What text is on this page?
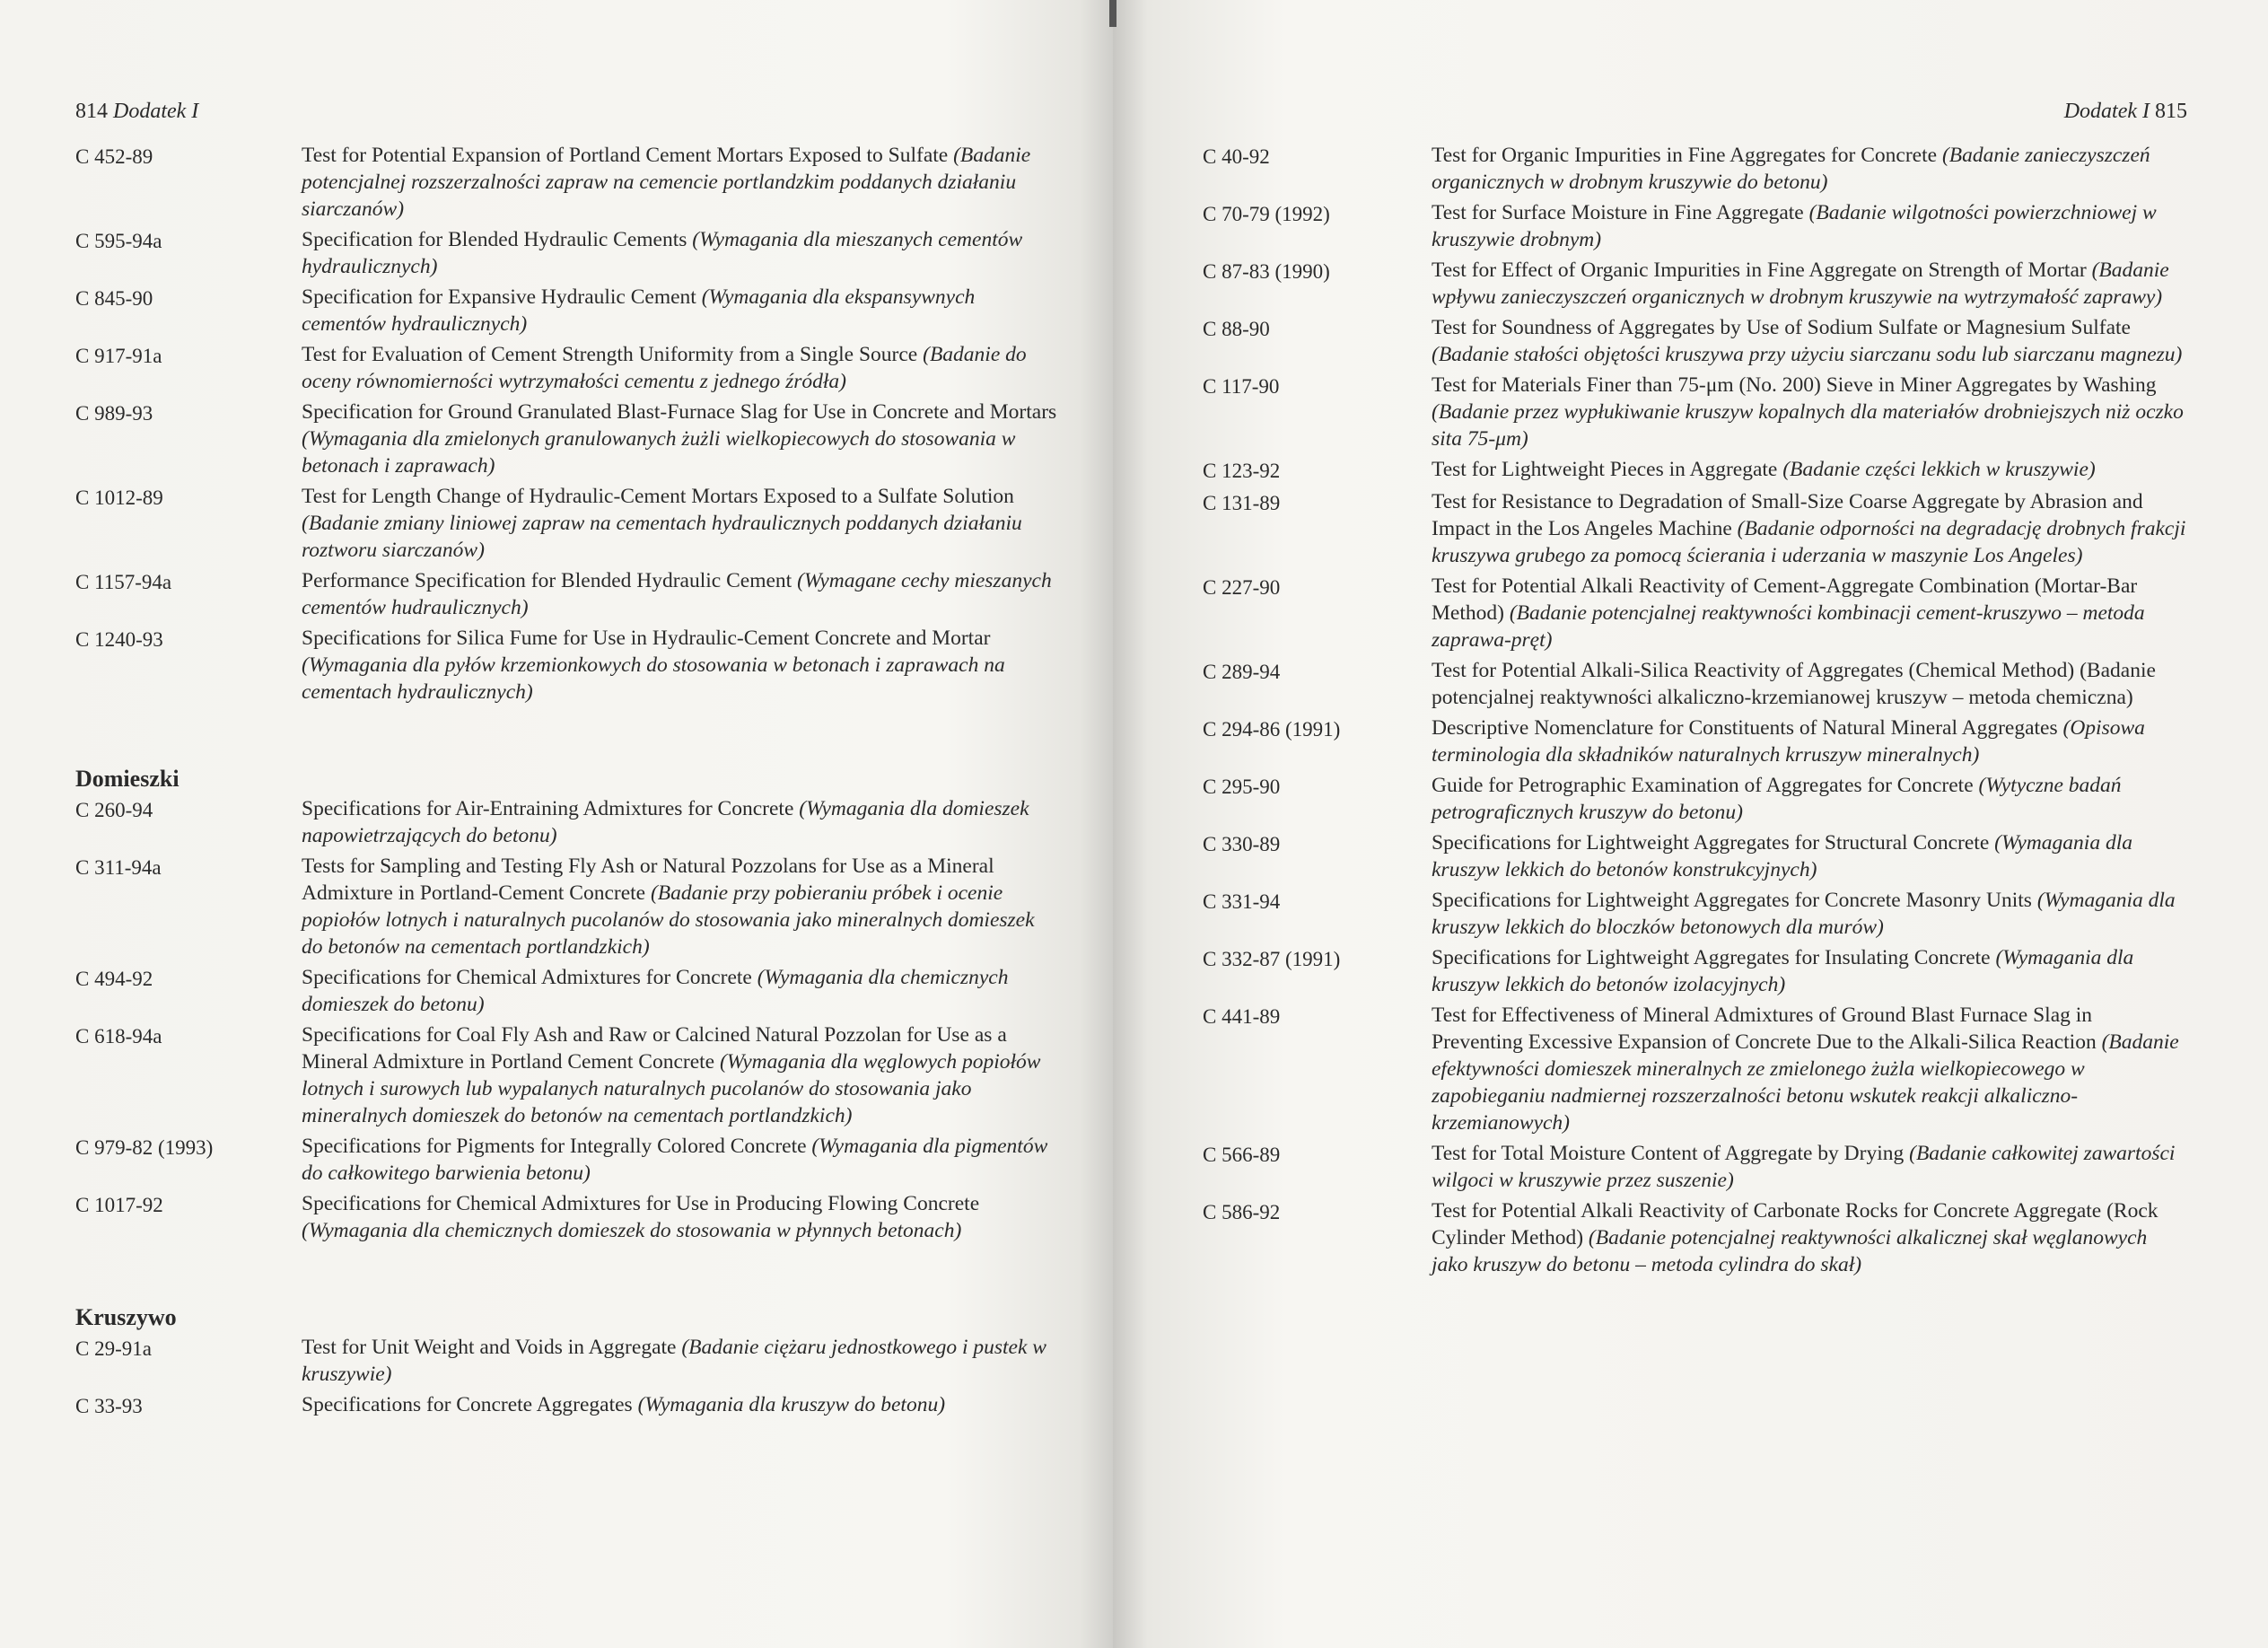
814 Dodatek I
C 452-89	Test for Potential Expansion of Portland Cement Mortars Exposed to Sulfate (Badanie potencjalnej rozszerzalności zapraw na cemencie portlandzkim poddanych działaniu siarczanów)
C 595-94a	Specification for Blended Hydraulic Cements (Wymagania dla mieszanych cementów hydraulicznych)
C 845-90	Specification for Expansive Hydraulic Cement (Wymagania dla ekspansywnych cementów hydraulicznych)
C 917-91a	Test for Evaluation of Cement Strength Uniformity from a Single Source (Badanie do oceny równomierności wytrzymałości cementu z jednego źródła)
C 989-93	Specification for Ground Granulated Blast-Furnace Slag for Use in Concrete and Mortars (Wymagania dla zmielonych granulowanych żużli wielkopiecowych do stosowania w betonach i zaprawach)
C 1012-89	Test for Length Change of Hydraulic-Cement Mortars Exposed to a Sulfate Solution (Badanie zmiany liniowej zapraw na cementach hydraulicznych poddanych działaniu roztworu siarczanów)
C 1157-94a	Performance Specification for Blended Hydraulic Cement (Wymagane cechy mieszanych cementów hudraulicznych)
C 1240-93	Specifications for Silica Fume for Use in Hydraulic-Cement Concrete and Mortar (Wymagania dla pyłów krzemionkowych do stosowania w betonach i zaprawach na cementach hydraulicznych)
Domieszki
C 260-94	Specifications for Air-Entraining Admixtures for Concrete (Wymagania dla domieszek napowietrzających do betonu)
C 311-94a	Tests for Sampling and Testing Fly Ash or Natural Pozzolans for Use as a Mineral Admixture in Portland-Cement Concrete (Badanie przy pobieraniu próbek i ocenie popiołów lotnych i naturalnych pucolanów do stosowania jako mineralnych domieszek do betonów na cementach portlandzkich)
C 494-92	Specifications for Chemical Admixtures for Concrete (Wymagania dla chemicznych domieszek do betonu)
C 618-94a	Specifications for Coal Fly Ash and Raw or Calcined Natural Pozzolan for Use as a Mineral Admixture in Portland Cement Concrete (Wymagania dla węglowych popiołów lotnych i surowych lub wypalanych naturalnych pucolanów do stosowania jako mineralnych domieszek do betonów na cementach portlandzkich)
C 979-82 (1993)	Specifications for Pigments for Integrally Colored Concrete (Wymagania dla pigmentów do całkowitego barwienia betonu)
C 1017-92	Specifications for Chemical Admixtures for Use in Producing Flowing Concrete (Wymagania dla chemicznych domieszek do stosowania w płynnych betonach)
Kruszywo
C 29-91a	Test for Unit Weight and Voids in Aggregate (Badanie ciężaru jednostkowego i pustek w kruszywie)
C 33-93	Specifications for Concrete Aggregates (Wymagania dla kruszyw do betonu)
Dodatek I 815
C 40-92	Test for Organic Impurities in Fine Aggregates for Concrete (Badanie zanieczyszczeń organicznych w drobnym kruszywie do betonu)
C 70-79 (1992)	Test for Surface Moisture in Fine Aggregate (Badanie wilgotności powierzchniowej w kruszywie drobnym)
C 87-83 (1990)	Test for Effect of Organic Impurities in Fine Aggregate on Strength of Mortar (Badanie wpływu zanieczyszczeń organicznych w drobnym kruszywie na wytrzymałość zaprawy)
C 88-90	Test for Soundness of Aggregates by Use of Sodium Sulfate or Magnesium Sulfate (Badanie stałości objętości kruszywa przy użyciu siarczanu sodu lub siarczanu magnezu)
C 117-90	Test for Materials Finer than 75-μm (No. 200) Sieve in Miner Aggregates by Washing (Badanie przez wypłukiwanie kruszyw kopalnych dla materiałów drobniejszych niż oczko sita 75-μm)
C 123-92	Test for Lightweight Pieces in Aggregate (Badanie części lekkich w kruszywie)
C 131-89	Test for Resistance to Degradation of Small-Size Coarse Aggregate by Abrasion and Impact in the Los Angeles Machine (Badanie odporności na degradację drobnych frakcji kruszywa grubego za pomocą ścierania i uderzania w maszynie Los Angeles)
C 227-90	Test for Potential Alkali Reactivity of Cement-Aggregate Combination (Mortar-Bar Method) (Badanie potencjalnej reaktywności kombinacji cement-kruszywo – metoda zaprawa-pręt)
C 289-94	Test for Potential Alkali-Silica Reactivity of Aggregates (Chemical Method) (Badanie potencjalnej reaktywności alkaliczno-krzemianowej kruszyw – metoda chemiczna)
C 294-86 (1991)	Descriptive Nomenclature for Constituents of Natural Mineral Aggregates (Opisowa terminologia dla składników naturalnych krruszyw mineralnych)
C 295-90	Guide for Petrographic Examination of Aggregates for Concrete (Wytyczne badań petrograficznych kruszyw do betonu)
C 330-89	Specifications for Lightweight Aggregates for Structural Concrete (Wymagania dla kruszyw lekkich do betonów konstrukcyjnych)
C 331-94	Specifications for Lightweight Aggregates for Concrete Masonry Units (Wymagania dla kruszyw lekkich do bloczków betonowych dla murów)
C 332-87 (1991)	Specifications for Lightweight Aggregates for Insulating Concrete (Wymagania dla kruszyw lekkich do betonów izolacyjnych)
C 441-89	Test for Effectiveness of Mineral Admixtures of Ground Blast Furnace Slag in Preventing Excessive Expansion of Concrete Due to the Alkali-Silica Reaction (Badanie efektywności domieszek mineralnych ze zmielonego żużla wielkopiecowego w zapobieganiu nadmiernej rozszerzalności betonu wskutek reakcji alkaliczno-krzemianowych)
C 566-89	Test for Total Moisture Content of Aggregate by Drying (Badanie całkowitej zawartości wilgoci w kruszywie przez suszenie)
C 586-92	Test for Potential Alkali Reactivity of Carbonate Rocks for Concrete Aggregate (Rock Cylinder Method) (Badanie potencjalnej reaktywności alkalicznej skał węglanowych jako kruszyw do betonu – metoda cylindra do skał)
